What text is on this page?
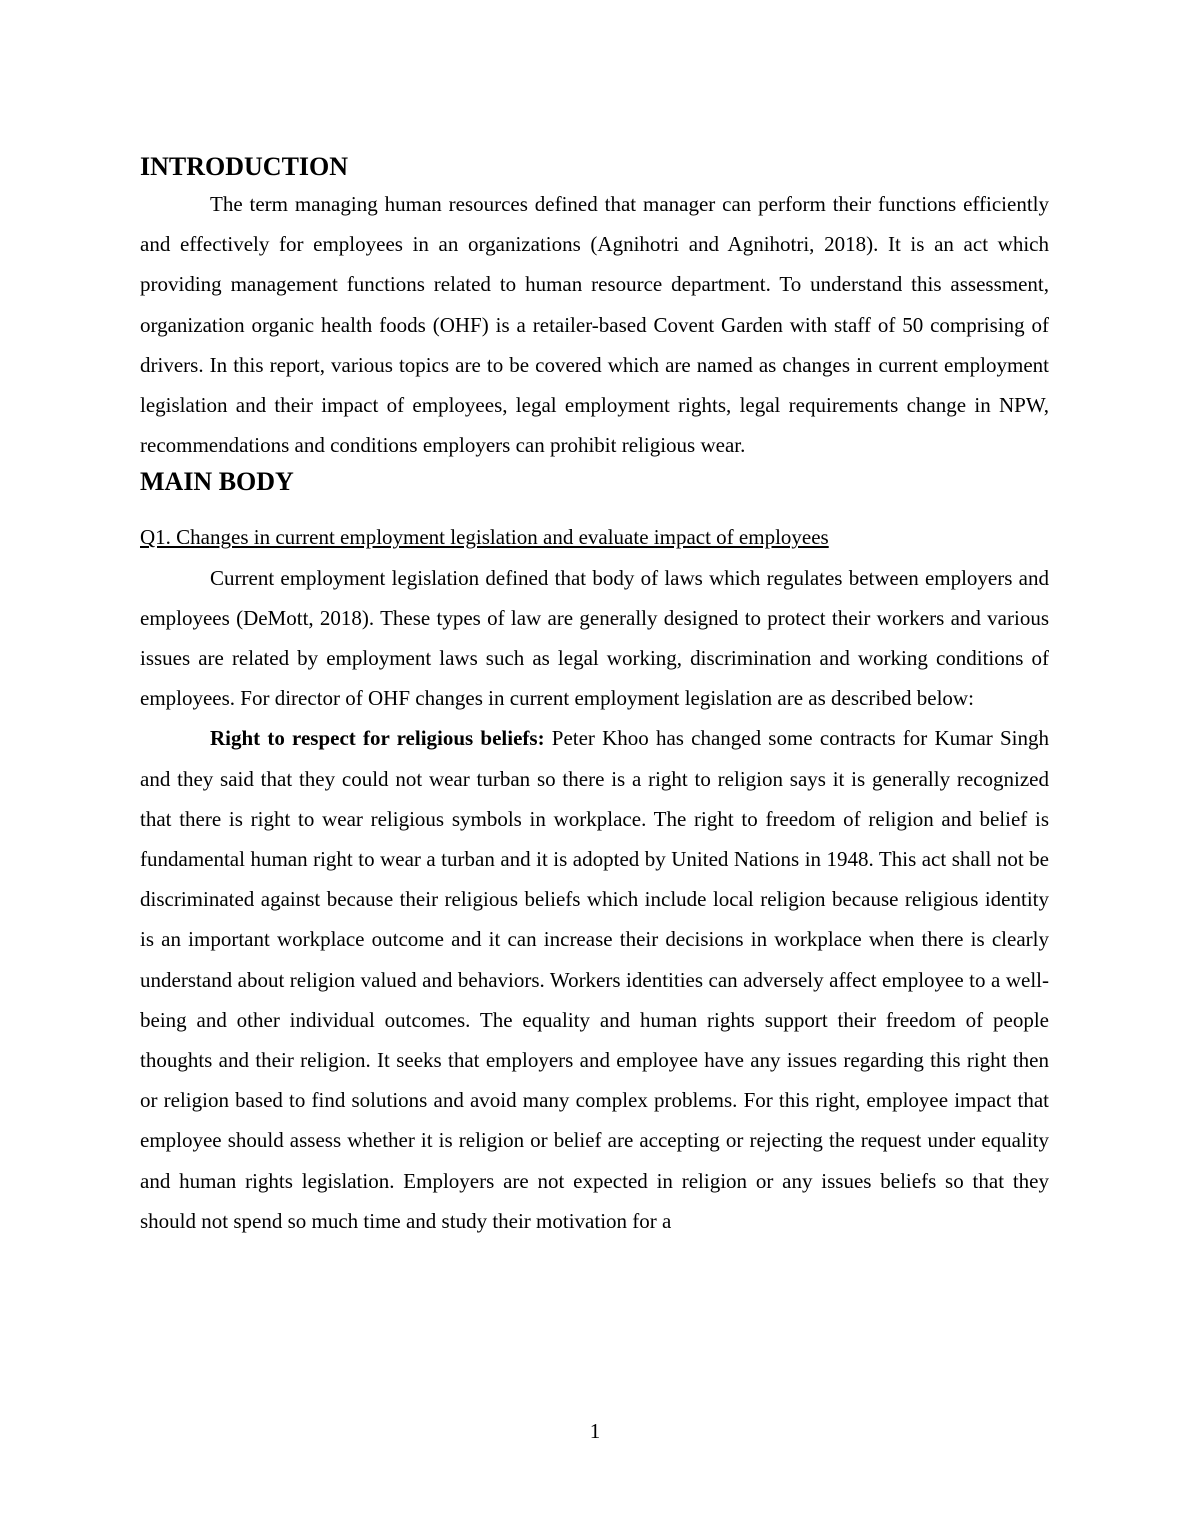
INTRODUCTION

The term managing human resources defined that manager can perform their functions efficiently and effectively for employees in an organizations (Agnihotri and Agnihotri, 2018). It is an act which providing management functions related to human resource department. To understand this assessment, organization organic health foods (OHF) is a retailer-based Covent Garden with staff of 50 comprising of drivers. In this report, various topics are to be covered which are named as changes in current employment legislation and their impact of employees, legal employment rights, legal requirements change in NPW, recommendations and conditions employers can prohibit religious wear.

MAIN BODY

Q1. Changes in current employment legislation and evaluate impact of employees

Current employment legislation defined that body of laws which regulates between employers and employees (DeMott, 2018). These types of law are generally designed to protect their workers and various issues are related by employment laws such as legal working, discrimination and working conditions of employees. For director of OHF changes in current employment legislation are as described below:

Right to respect for religious beliefs: Peter Khoo has changed some contracts for Kumar Singh and they said that they could not wear turban so there is a right to religion says it is generally recognized that there is right to wear religious symbols in workplace. The right to freedom of religion and belief is fundamental human right to wear a turban and it is adopted by United Nations in 1948. This act shall not be discriminated against because their religious beliefs which include local religion because religious identity is an important workplace outcome and it can increase their decisions in workplace when there is clearly understand about religion valued and behaviors. Workers identities can adversely affect employee to a well-being and other individual outcomes. The equality and human rights support their freedom of people thoughts and their religion. It seeks that employers and employee have any issues regarding this right then or religion based to find solutions and avoid many complex problems. For this right, employee impact that employee should assess whether it is religion or belief are accepting or rejecting the request under equality and human rights legislation. Employers are not expected in religion or any issues beliefs so that they should not spend so much time and study their motivation for a

1
